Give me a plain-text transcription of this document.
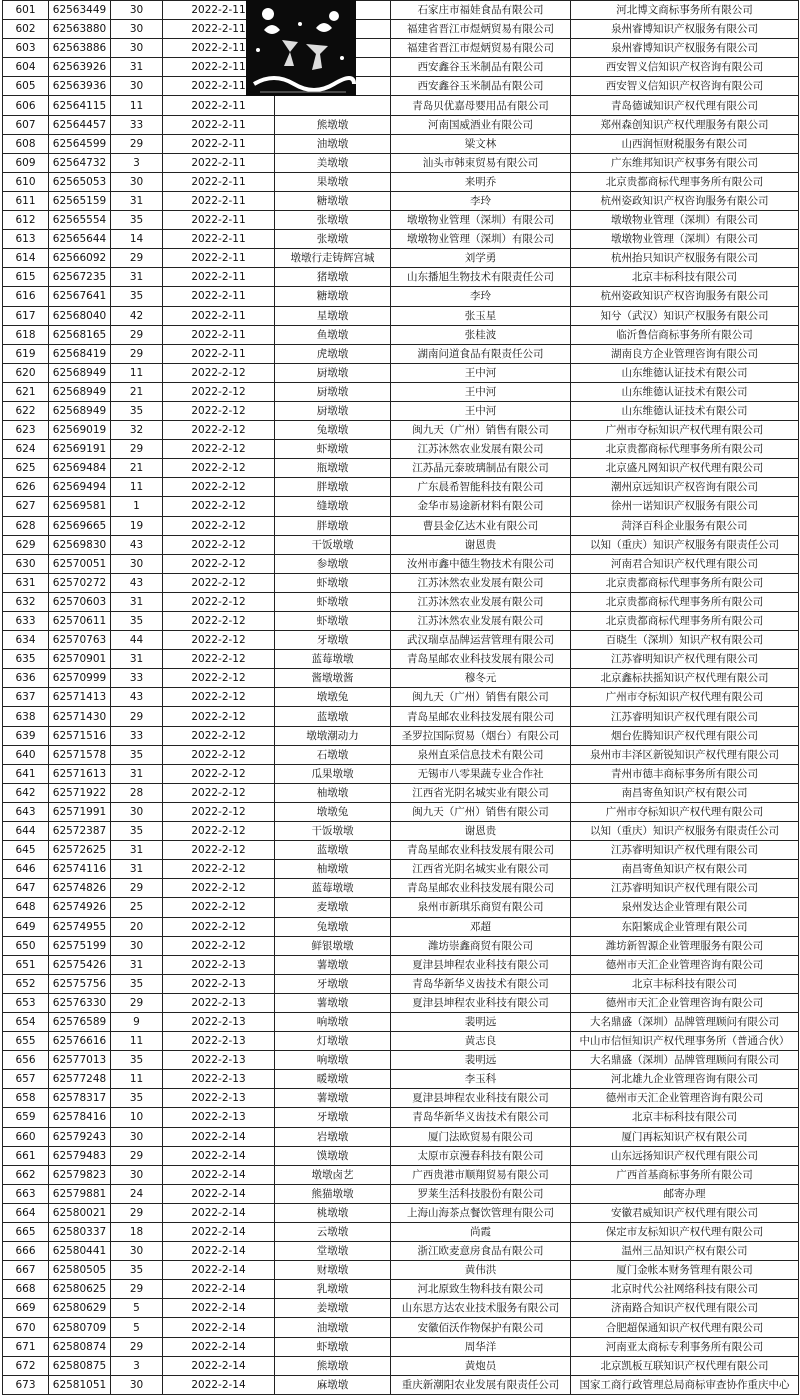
601	62563449	30	2022-2-11		石家庄市福娃食品有限公司	河北博文商标事务所有限公司
602	62563880	30	2022-2-11		福建省晋江市煜炳贸易有限公司	泉州睿博知识产权服务有限公司
603	62563886	30	2022-2-11		福建省晋江市煜炳贸易有限公司	泉州睿博知识产权服务有限公司
604	62563926	31	2022-2-11		西安鑫谷玉米制品有限公司	西安智义信知识产权咨询有限公司
605	62563936	30	2022-2-11		西安鑫谷玉米制品有限公司	西安智义信知识产权咨询有限公司
606	62564115	11	2022-2-11		青岛贝优嘉母婴用品有限公司	青岛德诚知识产权代理有限公司
607	62564457	33	2022-2-11	熊墩墩	河南国威酒业有限公司	郑州森创知识产权代理服务有限公司
608	62564599	29	2022-2-11	油墩墩	梁文林	山西润恒财税服务有限公司
609	62564732	3	2022-2-11	美墩墩	汕头市韩束贸易有限公司	广东维邦知识产权事务有限公司
610	62565053	30	2022-2-11	果墩墩	来明乔	北京贵都商标代理事务所有限公司
611	62565159	31	2022-2-11	糖墩墩	李玲	杭州姿政知识产权咨询服务有限公司
612	62565554	35	2022-2-11	张墩墩	墩墩物业管理（深圳）有限公司	墩墩物业管理（深圳）有限公司
613	62565644	14	2022-2-11	张墩墩	墩墩物业管理（深圳）有限公司	墩墩物业管理（深圳）有限公司
614	62566092	29	2022-2-11	墩墩行走铸辉宫城	刘学勇	杭州抬只知识产权服务有限公司
615	62567235	31	2022-2-11	猪墩墩	山东播旭生物技术有限责任公司	北京丰标科技有限公司
616	62567641	35	2022-2-11	糖墩墩	李玲	杭州姿政知识产权咨询服务有限公司
617	62568040	42	2022-2-11	星墩墩	张玉星	知兮（武汉）知识产权服务有限公司
618	62568165	29	2022-2-11	鱼墩墩	张桂波	临沂鲁信商标事务所有限公司
619	62568419	29	2022-2-11	虎墩墩	湖南问道食品有限责任公司	湖南良方企业管理咨询有限公司
620	62568949	11	2022-2-12	厨墩墩	王中河	山东维德认证技术有限公司
621	62568949	21	2022-2-12	厨墩墩	王中河	山东维德认证技术有限公司
622	62568949	35	2022-2-12	厨墩墩	王中河	山东维德认证技术有限公司
623	62569019	32	2022-2-12	兔墩墩	闽九天（广州）销售有限公司	广州市夺标知识产权代理有限公司
624	62569191	29	2022-2-12	虾墩墩	江苏沐然农业发展有限公司	北京贵都商标代理事务所有限公司
625	62569484	21	2022-2-12	瓶墩墩	江苏晶元泰玻璃制品有限公司	北京盛凡网知识产权代理有限公司
626	62569494	11	2022-2-12	胖墩墩	广东晨希智能科技有限公司	潮州京远知识产权咨询有限公司
627	62569581	1	2022-2-12	缝墩墩	金华市易途新材料有限公司	徐州一诺知识产权服务有限公司
628	62569665	19	2022-2-12	胖墩墩	曹县金亿达木业有限公司	菏泽百科企业服务有限公司
629	62569830	43	2022-2-12	干饭墩墩	谢恩贵	以知（重庆）知识产权服务有限责任公司
630	62570051	30	2022-2-12	参墩墩	汝州市鑫中德生物技术有限公司	河南君合知识产权代理有限公司
631	62570272	43	2022-2-12	虾墩墩	江苏沐然农业发展有限公司	北京贵都商标代理事务所有限公司
632	62570603	31	2022-2-12	虾墩墩	江苏沐然农业发展有限公司	北京贵都商标代理事务所有限公司
633	62570611	35	2022-2-12	虾墩墩	江苏沐然农业发展有限公司	北京贵都商标代理事务所有限公司
634	62570763	44	2022-2-12	牙墩墩	武汉瑞卓品牌运营管理有限公司	百晓生（深圳）知识产权有限公司
635	62570901	31	2022-2-12	蓝莓墩墩	青岛星邮农业科技发展有限公司	江苏睿明知识产权代理有限公司
636	62570999	33	2022-2-12	酱墩墩酱	穆冬元	北京鑫标扶摇知识产权代理有限公司
637	62571413	43	2022-2-12	墩墩兔	闽九天（广州）销售有限公司	广州市夺标知识产权代理有限公司
638	62571430	29	2022-2-12	蓝墩墩	青岛星邮农业科技发展有限公司	江苏睿明知识产权代理有限公司
639	62571516	33	2022-2-12	墩墩潮动力	圣罗拉国际贸易（烟台）有限公司	烟台佐腾知识产权代理有限公司
640	62571578	35	2022-2-12	石墩墩	泉州直采信息技术有限公司	泉州市丰泽区新锐知识产权代理有限公司
641	62571613	31	2022-2-12	瓜果墩墩	无锡市八零果蔬专业合作社	青州市德丰商标事务所有限公司
642	62571922	28	2022-2-12	柚墩墩	江西省光阴名城实业有限公司	南昌寄鱼知识产权有限公司
643	62571991	30	2022-2-12	墩墩兔	闽九天（广州）销售有限公司	广州市夺标知识产权代理有限公司
644	62572387	35	2022-2-12	干饭墩墩	谢恩贵	以知（重庆）知识产权服务有限责任公司
645	62572625	31	2022-2-12	蓝墩墩	青岛星邮农业科技发展有限公司	江苏睿明知识产权代理有限公司
646	62574116	31	2022-2-12	柚墩墩	江西省光阴名城实业有限公司	南昌寄鱼知识产权有限公司
647	62574826	29	2022-2-12	蓝莓墩墩	青岛星邮农业科技发展有限公司	江苏睿明知识产权代理有限公司
648	62574926	25	2022-2-12	麦墩墩	泉州市新琪乐商贸有限公司	泉州发达企业管理有限公司
649	62574955	20	2022-2-12	兔墩墩	邓超	东阳繁成企业管理有限公司
650	62575199	30	2022-2-12	鲜银墩墩	潍坊崇鑫商贸有限公司	潍坊新智源企业管理服务有限公司
651	62575426	31	2022-2-13	薯墩墩	夏津县坤程农业科技有限公司	德州市天汇企业管理咨询有限公司
652	62575756	35	2022-2-13	牙墩墩	青岛华新华义齿技术有限公司	北京丰标科技有限公司
653	62576330	29	2022-2-13	薯墩墩	夏津县坤程农业科技有限公司	德州市天汇企业管理咨询有限公司
654	62576589	9	2022-2-13	响墩墩	裴明远	大名鼎盛（深圳）品牌管理顾问有限公司
655	62576616	11	2022-2-13	灯墩墩	黄志良	中山市信恒知识产权代理事务所（普通合伙）
656	62577013	35	2022-2-13	响墩墩	裴明远	大名鼎盛（深圳）品牌管理顾问有限公司
657	62577248	11	2022-2-13	暖墩墩	李玉科	河北雄九企业管理咨询有限公司
658	62578317	35	2022-2-13	薯墩墩	夏津县坤程农业科技有限公司	德州市天汇企业管理咨询有限公司
659	62578416	10	2022-2-13	牙墩墩	青岛华新华义齿技术有限公司	北京丰标科技有限公司
660	62579243	30	2022-2-14	岩墩墩	厦门法欧贸易有限公司	厦门再耘知识产权有限公司
661	62579483	29	2022-2-14	馍墩墩	太原市京漫春科技有限公司	山东远扬知识产权代理有限公司
662	62579823	30	2022-2-14	墩墩卤艺	广西贵港市顺翔贸易有限公司	广西首基商标事务所有限公司
663	62579881	24	2022-2-14	熊猫墩墩	罗莱生活科技股份有限公司	邮寄办理
664	62580021	29	2022-2-14	桃墩墩	上海山海茶点餐饮管理有限公司	安徽君威知识产权代理有限公司
665	62580337	18	2022-2-14	云墩墩	尚霞	保定市友标知识产权代理有限公司
666	62580441	30	2022-2-14	堂墩墩	浙江欧麦意房食品有限公司	温州三品知识产权有限公司
667	62580505	35	2022-2-14	财墩墩	黄伟洪	厦门金帐本财务管理有限公司
668	62580625	29	2022-2-14	乳墩墩	河北原致生物科技有限公司	北京时代公社网络科技有限公司
669	62580629	5	2022-2-14	姜墩墩	山东思方达农业技术服务有限公司	济南路合知识产权代理有限公司
670	62580709	5	2022-2-14	油墩墩	安徽佰沃作物保护有限公司	合肥超保通知识产权代理有限公司
671	62580874	29	2022-2-14	虾墩墩	周华洋	河南亚太商标专利事务所有限公司
672	62580875	3	2022-2-14	熊墩墩	黄炮员	北京凯板互联知识产权代理有限公司
673	62581051	30	2022-2-14	麻墩墩	重庆新潮阳农业发展有限责任公司	国家工商行政管理总局商标审查协作重庆中心
